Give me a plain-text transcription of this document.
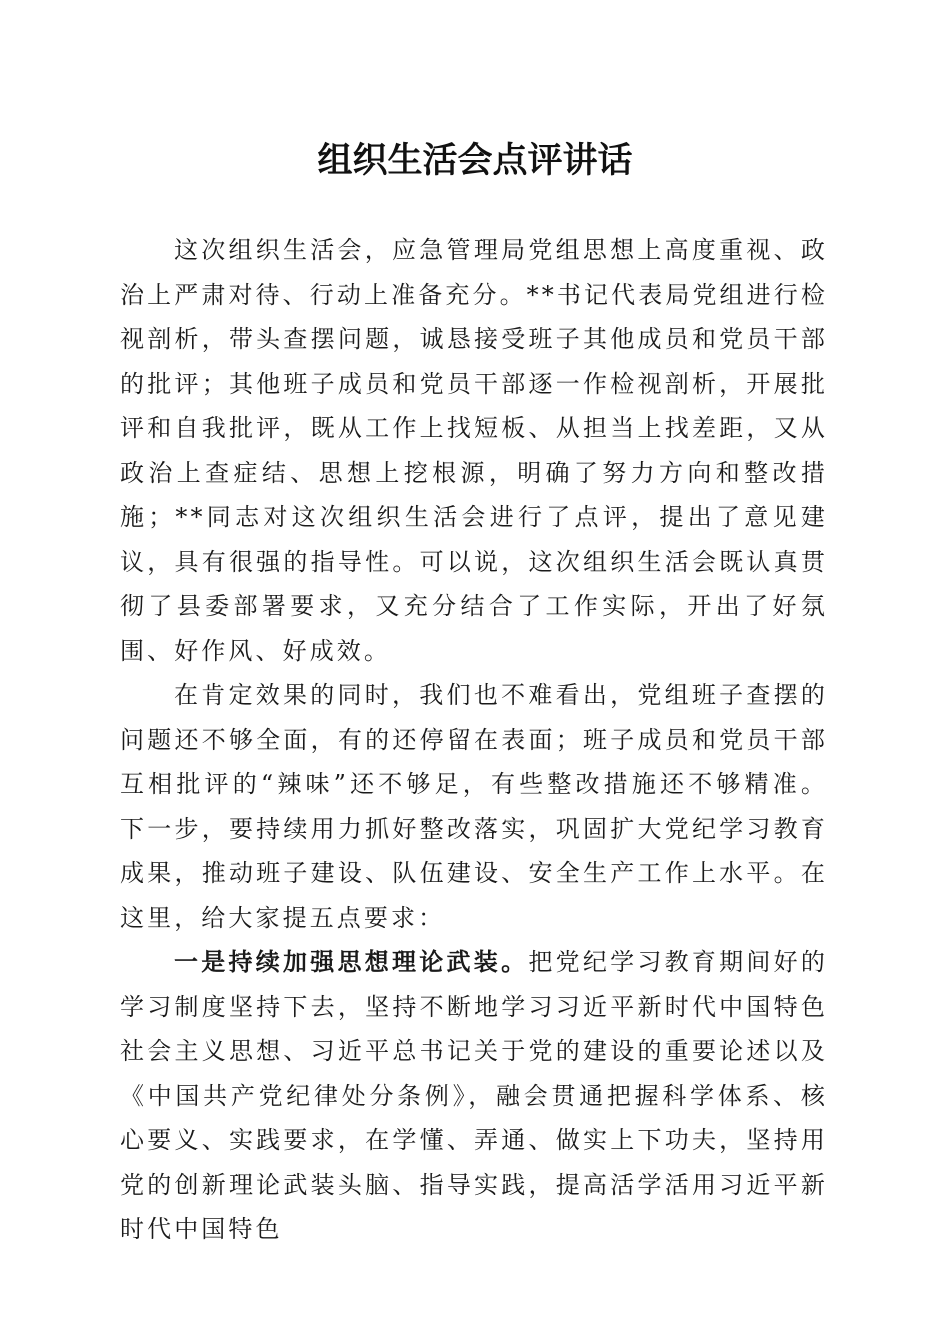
组织生活会点评讲话

这次组织生活会，应急管理局党组思想上高度重视、政治上严肃对待、行动上准备充分。**书记代表局党组进行检视剖析，带头查摆问题，诚恳接受班子其他成员和党员干部的批评；其他班子成员和党员干部逐一作检视剖析，开展批评和自我批评，既从工作上找短板、从担当上找差距，又从政治上查症结、思想上挖根源，明确了努力方向和整改措施；**同志对这次组织生活会进行了点评，提出了意见建议，具有很强的指导性。可以说，这次组织生活会既认真贯彻了县委部署要求，又充分结合了工作实际，开出了好氛围、好作风、好成效。

在肯定效果的同时，我们也不难看出，党组班子查摆的问题还不够全面，有的还停留在表面；班子成员和党员干部互相批评的“辣味”还不够足，有些整改措施还不够精准。下一步，要持续用力抓好整改落实，巩固扩大党纪学习教育成果，推动班子建设、队伍建设、安全生产工作上水平。在这里，给大家提五点要求：

一是持续加强思想理论武装。把党纪学习教育期间好的学习制度坚持下去，坚持不断地学习习近平新时代中国特色社会主义思想、习近平总书记关于党的建设的重要论述以及《中国共产党纪律处分条例》，融会贯通把握科学体系、核心要义、实践要求，在学懂、弄通、做实上下功夫，坚持用党的创新理论武装头脑、指导实践，提高活学活用习近平新时代中国特色
